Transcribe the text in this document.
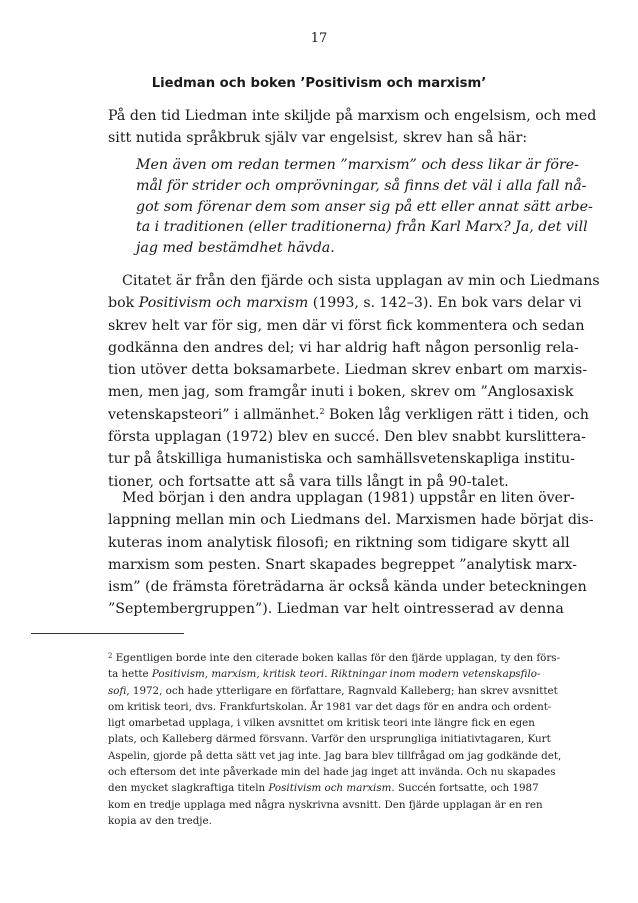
17
Liedman och boken ’Positivism och marxism’
På den tid Liedman inte skiljde på marxism och engelsism, och med
sitt nutida språkbruk själv var engelsist, skrev han så här:
Men även om redan termen ”marxism” och dess likar är före-
mål för strider och omprövningar, så finns det väl i alla fall nå-
got som förenar dem som anser sig på ett eller annat sätt arbe-
ta i traditionen (eller traditionerna) från Karl Marx? Ja, det vill
jag med bestämdhet hävda.
Citatet är från den fjärde och sista upplagan av min och Liedmans
bok Positivism och marxism (1993, s. 142–3). En bok vars delar vi
skrev helt var för sig, men där vi först fick kommentera och sedan
godkänna den andres del; vi har aldrig haft någon personlig rela-
tion utöver detta boksamarbete. Liedman skrev enbart om marxis-
men, men jag, som framgår inuti i boken, skrev om ”Anglosaxisk
vetenskapsteori” i allmänhet.$^2$ Boken låg verkligen rätt i tiden, och
första upplagan (1972) blev en succé. Den blev snabbt kurslittera-
tur på åtskilliga humanistiska och samhällsvetenskapliga institu-
tioner, och fortsatte att så vara tills långt in på 90-talet.
Med början i den andra upplagan (1981) uppstår en liten över-
lappning mellan min och Liedmans del. Marxismen hade börjat dis-
kuteras inom analytisk filosofi; en riktning som tidigare skytt all
marxism som pesten. Snart skapades begreppet ”analytisk marx-
ism” (de främsta företrädarna är också kända under beteckningen
”Septembergruppen”). Liedman var helt ointresserad av denna
$^2$ Egentligen borde inte den citerade boken kallas för den fjärde upplagan, ty den förs-
ta hette Positivism, marxism, kritisk teori. Riktningar inom modern vetenskapsfilo-
sofi, 1972, och hade ytterligare en författare, Ragnvald Kalleberg; han skrev avsnittet
om kritisk teori, dvs. Frankfurtskolan. År 1981 var det dags för en andra och ordent-
ligt omarbetad upplaga, i vilken avsnittet om kritisk teori inte längre fick en egen
plats, och Kalleberg därmed försvann. Varför den ursprungliga initiativtagaren, Kurt
Aspelin, gjorde på detta sätt vet jag inte. Jag bara blev tillfrågad om jag godkände det,
och eftersom det inte påverkade min del hade jag inget att invända. Och nu skapades
den mycket slagkraftiga titeln Positivism och marxism. Succén fortsatte, och 1987
kom en tredje upplaga med några nyskrivna avsnitt. Den fjärde upplagan är en ren
kopia av den tredje.
